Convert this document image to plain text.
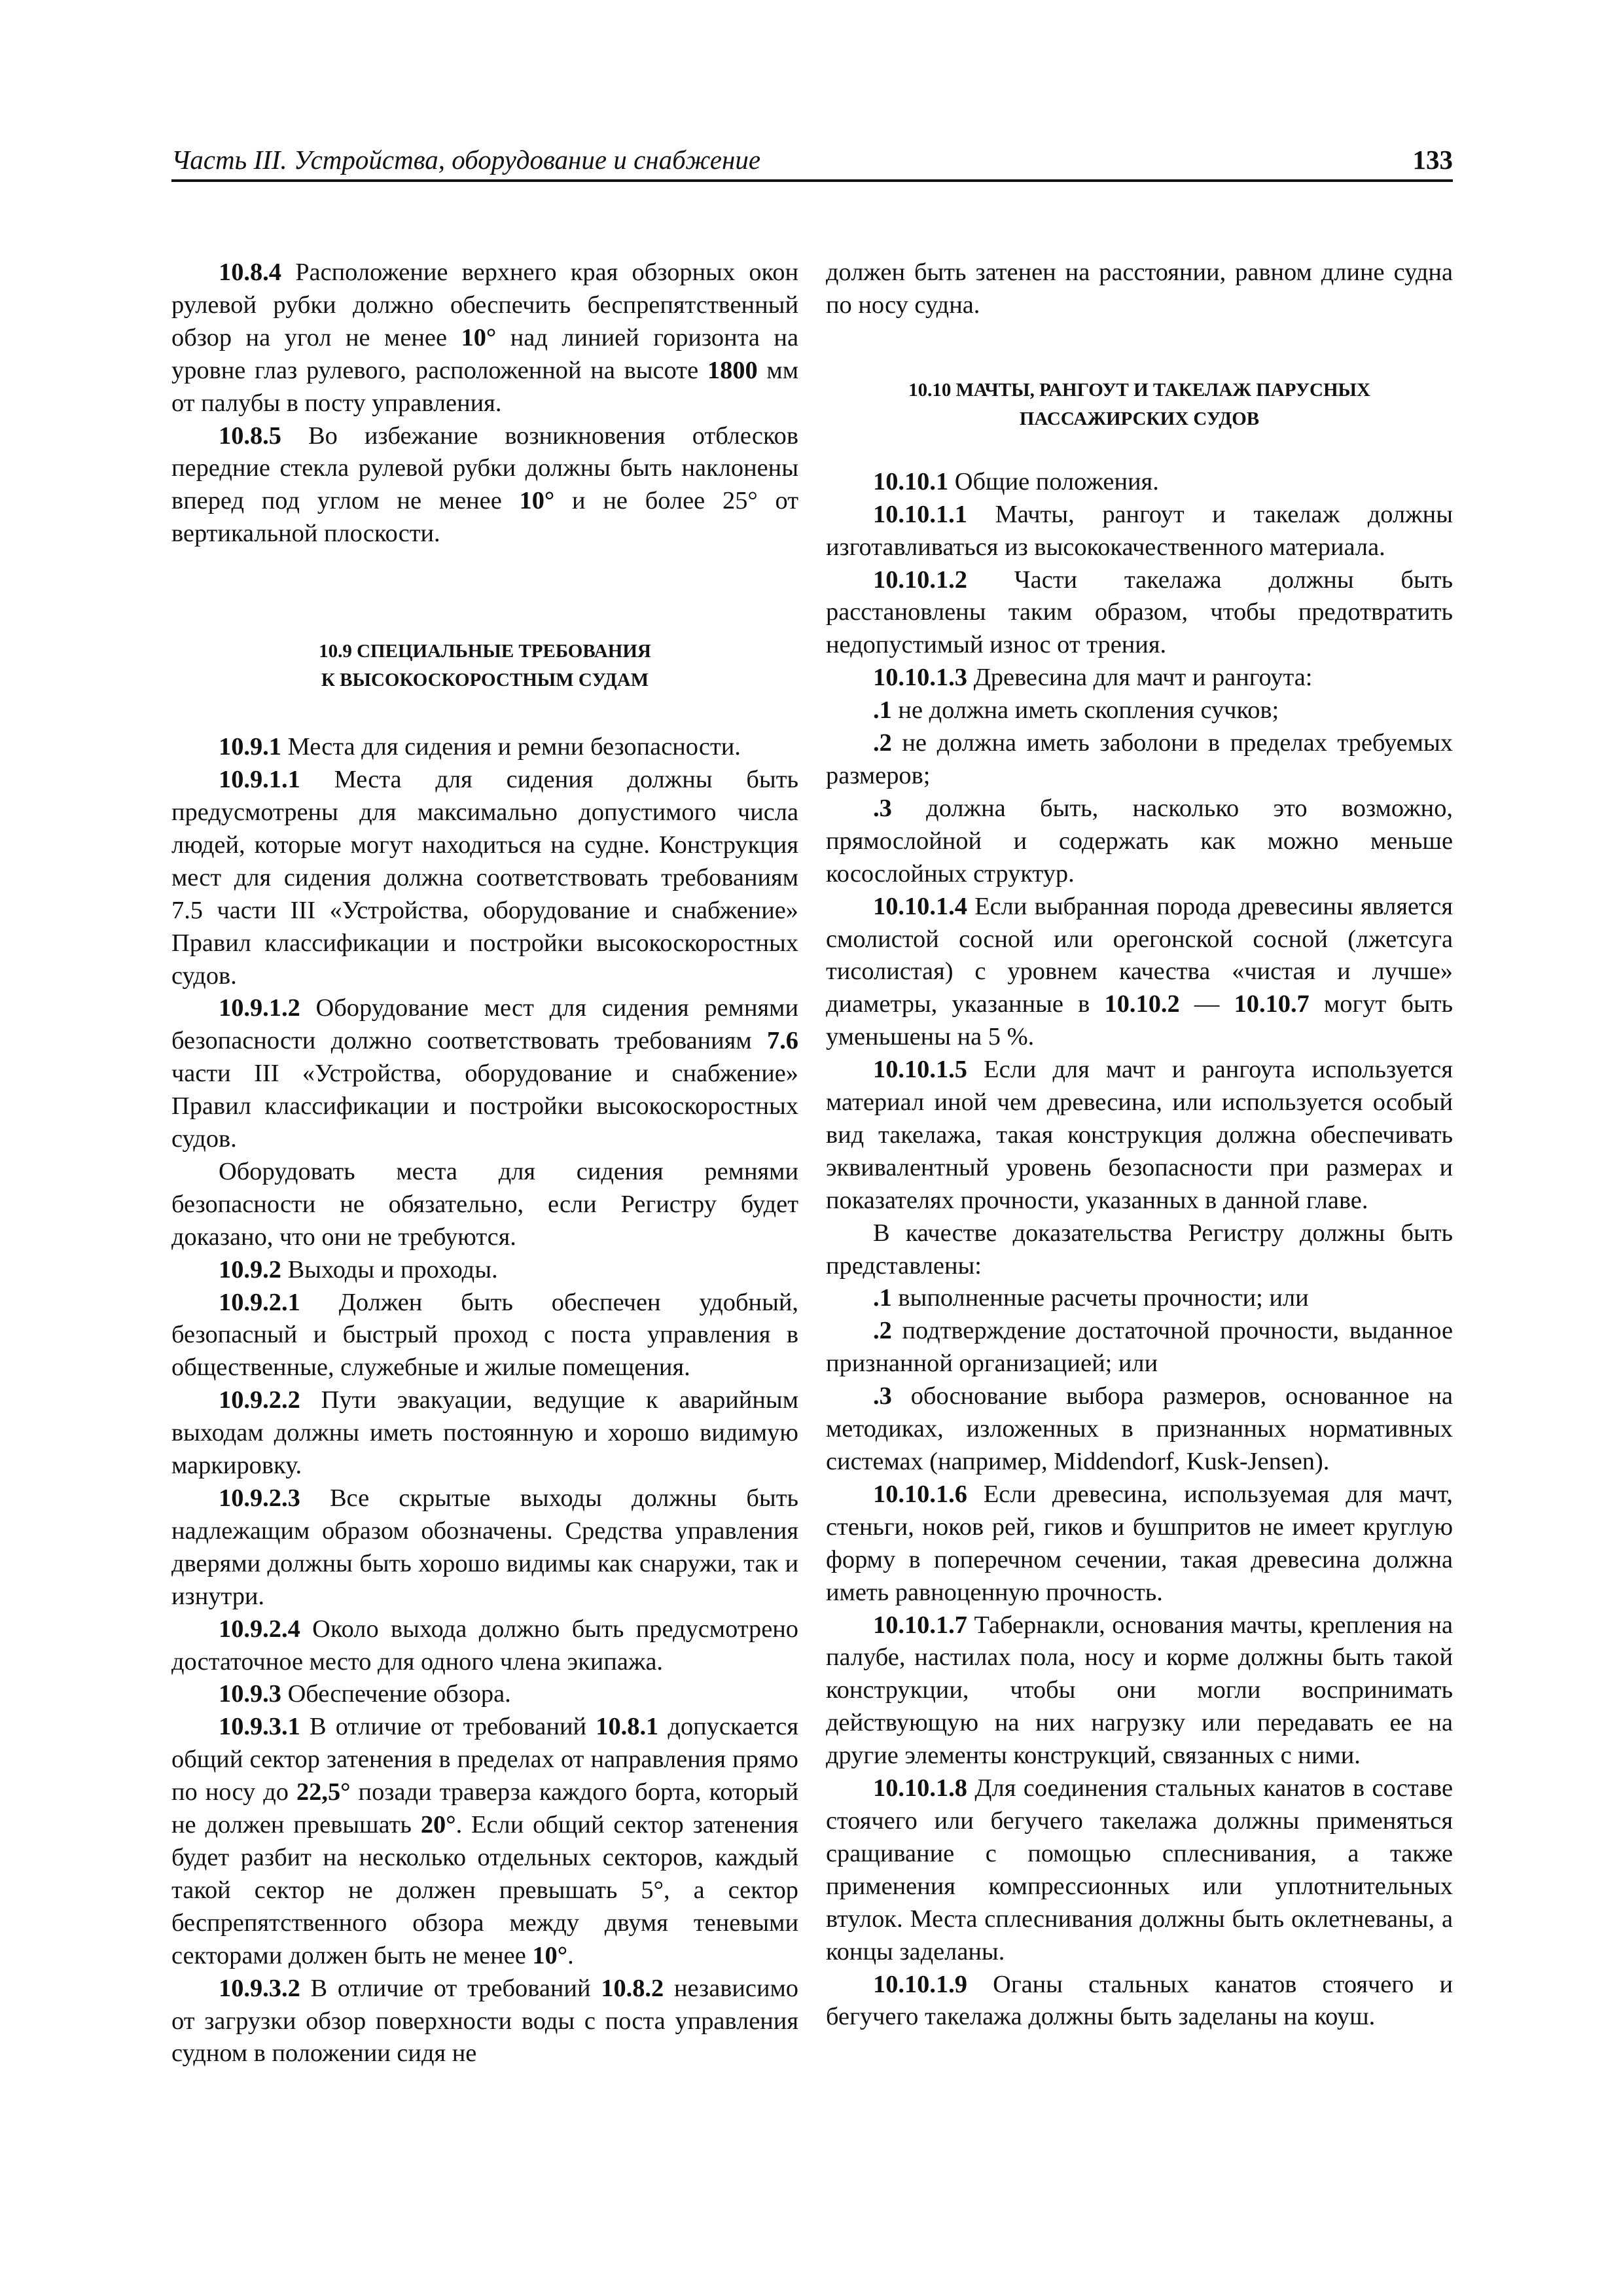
Часть III. Устройства, оборудование и снабжение	133

10.8.4 Расположение верхнего края обзорных окон рулевой рубки должно обеспечить беспрепятственный обзор на угол не менее 10° над линией горизонта на уровне глаз рулевого, расположенной на высоте 1800 мм от палубы в посту управления.

10.8.5 Во избежание возникновения отблесков передние стекла рулевой рубки должны быть наклонены вперед под углом не менее 10° и не более 25° от вертикальной плоскости.

10.9 СПЕЦИАЛЬНЫЕ ТРЕБОВАНИЯ
К ВЫСОКОСКОРОСТНЫМ СУДАМ

10.9.1 Места для сидения и ремни безопасности.

10.9.1.1 Места для сидения должны быть предусмотрены для максимально допустимого числа людей, которые могут находиться на судне. Конструкция мест для сидения должна соответствовать требованиям 7.5 части III «Устройства, оборудование и снабжение» Правил классификации и постройки высокоскоростных судов.

10.9.1.2 Оборудование мест для сидения ремнями безопасности должно соответствовать требованиям 7.6 части III «Устройства, оборудование и снабжение» Правил классификации и постройки высокоскоростных судов.

Оборудовать места для сидения ремнями безопасности не обязательно, если Регистру будет доказано, что они не требуются.

10.9.2 Выходы и проходы.

10.9.2.1 Должен быть обеспечен удобный, безопасный и быстрый проход с поста управления в общественные, служебные и жилые помещения.

10.9.2.2 Пути эвакуации, ведущие к аварийным выходам должны иметь постоянную и хорошо видимую маркировку.

10.9.2.3 Все скрытые выходы должны быть надлежащим образом обозначены. Средства управления дверями должны быть хорошо видимы как снаружи, так и изнутри.

10.9.2.4 Около выхода должно быть предусмотрено достаточное место для одного члена экипажа.

10.9.3 Обеспечение обзора.

10.9.3.1 В отличие от требований 10.8.1 допускается общий сектор затенения в пределах от направления прямо по носу до 22,5° позади траверза каждого борта, который не должен превышать 20°. Если общий сектор затенения будет разбит на несколько отдельных секторов, каждый такой сектор не должен превышать 5°, а сектор беспрепятственного обзора между двумя теневыми секторами должен быть не менее 10°.

10.9.3.2 В отличие от требований 10.8.2 независимо от загрузки обзор поверхности воды с поста управления судном в положении сидя не

должен быть затенен на расстоянии, равном длине судна по носу судна.

10.10 МАЧТЫ, РАНГОУТ И ТАКЕЛАЖ ПАРУСНЫХ
ПАССАЖИРСКИХ СУДОВ

10.10.1 Общие положения.

10.10.1.1 Мачты, рангоут и такелаж должны изготавливаться из высококачественного материала.

10.10.1.2 Части такелажа должны быть расстановлены таким образом, чтобы предотвратить недопустимый износ от трения.

10.10.1.3 Древесина для мачт и рангоута:

.1 не должна иметь скопления сучков;

.2 не должна иметь заболони в пределах требуемых размеров;

.3 должна быть, насколько это возможно, прямослойной и содержать как можно меньше косослойных структур.

10.10.1.4 Если выбранная порода древесины является смолистой сосной или орегонской сосной (лжетсуга тисолистая) с уровнем качества «чистая и лучше» диаметры, указанные в 10.10.2 — 10.10.7 могут быть уменьшены на 5 %.

10.10.1.5 Если для мачт и рангоута используется материал иной чем древесина, или используется особый вид такелажа, такая конструкция должна обеспечивать эквивалентный уровень безопасности при размерах и показателях прочности, указанных в данной главе.

В качестве доказательства Регистру должны быть представлены:

.1 выполненные расчеты прочности; или

.2 подтверждение достаточной прочности, выданное признанной организацией; или

.3 обоснование выбора размеров, основанное на методиках, изложенных в признанных нормативных системах (например, Middendorf, Kusk-Jensen).

10.10.1.6 Если древесина, используемая для мачт, стеньги, ноков рей, гиков и бушпритов не имеет круглую форму в поперечном сечении, такая древесина должна иметь равноценную прочность.

10.10.1.7 Табернакли, основания мачты, крепления на палубе, настилах пола, носу и корме должны быть такой конструкции, чтобы они могли воспринимать действующую на них нагрузку или передавать ее на другие элементы конструкций, связанных с ними.

10.10.1.8 Для соединения стальных канатов в составе стоячего или бегучего такелажа должны применяться сращивание с помощью сплеснивания, а также применения компрессионных или уплотнительных втулок. Места сплеснивания должны быть оклетневаны, а концы заделаны.

10.10.1.9 Оганы стальных канатов стоячего и бегучего такелажа должны быть заделаны на коуш.
